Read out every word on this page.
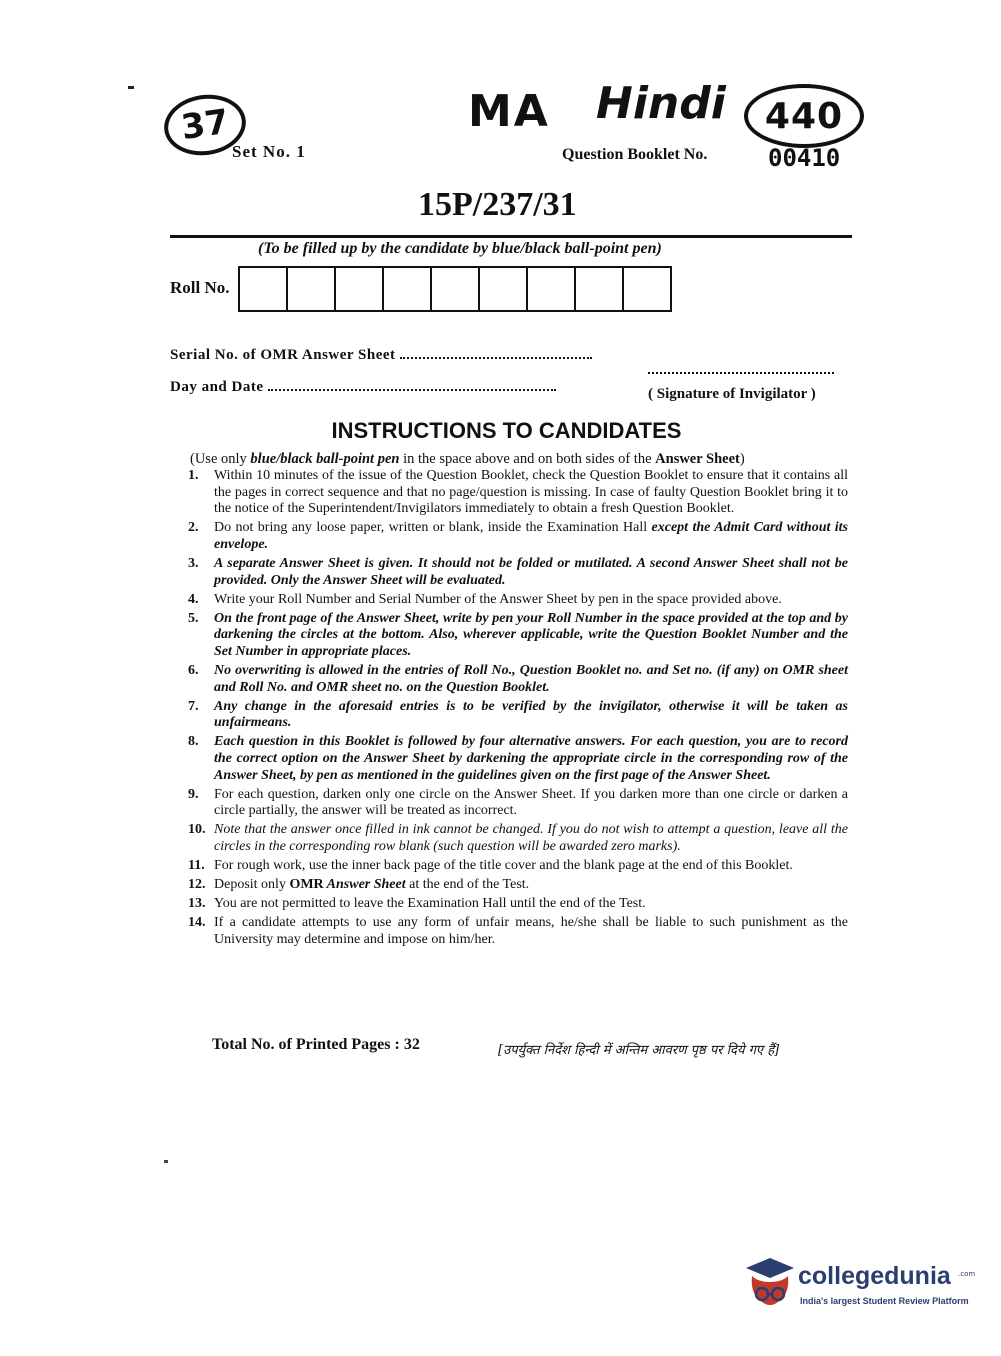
37	MA Hindi 440
Set No. 1	Question Booklet No.	00410
15P/237/31
(To be filled up by the candidate by blue/black ball-point pen)
Roll No.
Serial No. of OMR Answer Sheet
Day and Date	( Signature of Invigilator )
INSTRUCTIONS TO CANDIDATES
(Use only blue/black ball-point pen in the space above and on both sides of the Answer Sheet)
1. Within 10 minutes of the issue of the Question Booklet, check the Question Booklet to ensure that it contains all the pages in correct sequence and that no page/question is missing. In case of faulty Question Booklet bring it to the notice of the Superintendent/Invigilators immediately to obtain a fresh Question Booklet.
2. Do not bring any loose paper, written or blank, inside the Examination Hall except the Admit Card without its envelope.
3. A separate Answer Sheet is given. It should not be folded or mutilated. A second Answer Sheet shall not be provided. Only the Answer Sheet will be evaluated.
4. Write your Roll Number and Serial Number of the Answer Sheet by pen in the space provided above.
5. On the front page of the Answer Sheet, write by pen your Roll Number in the space provided at the top and by darkening the circles at the bottom. Also, wherever applicable, write the Question Booklet Number and the Set Number in appropriate places.
6. No overwriting is allowed in the entries of Roll No., Question Booklet no. and Set no. (if any) on OMR sheet and Roll No. and OMR sheet no. on the Question Booklet.
7. Any change in the aforesaid entries is to be verified by the invigilator, otherwise it will be taken as unfairmeans.
8. Each question in this Booklet is followed by four alternative answers. For each question, you are to record the correct option on the Answer Sheet by darkening the appropriate circle in the corresponding row of the Answer Sheet, by pen as mentioned in the guidelines given on the first page of the Answer Sheet.
9. For each question, darken only one circle on the Answer Sheet. If you darken more than one circle or darken a circle partially, the answer will be treated as incorrect.
10. Note that the answer once filled in ink cannot be changed. If you do not wish to attempt a question, leave all the circles in the corresponding row blank (such question will be awarded zero marks).
11. For rough work, use the inner back page of the title cover and the blank page at the end of this Booklet.
12. Deposit only OMR Answer Sheet at the end of the Test.
13. You are not permitted to leave the Examination Hall until the end of the Test.
14. If a candidate attempts to use any form of unfair means, he/she shall be liable to such punishment as the University may determine and impose on him/her.
Total No. of Printed Pages : 32	[उपर्युक्त निर्देश हिन्दी में अन्तिम आवरण पृष्ठ पर दिये गए हैं]
collegedunia .com
India's largest Student Review Platform
